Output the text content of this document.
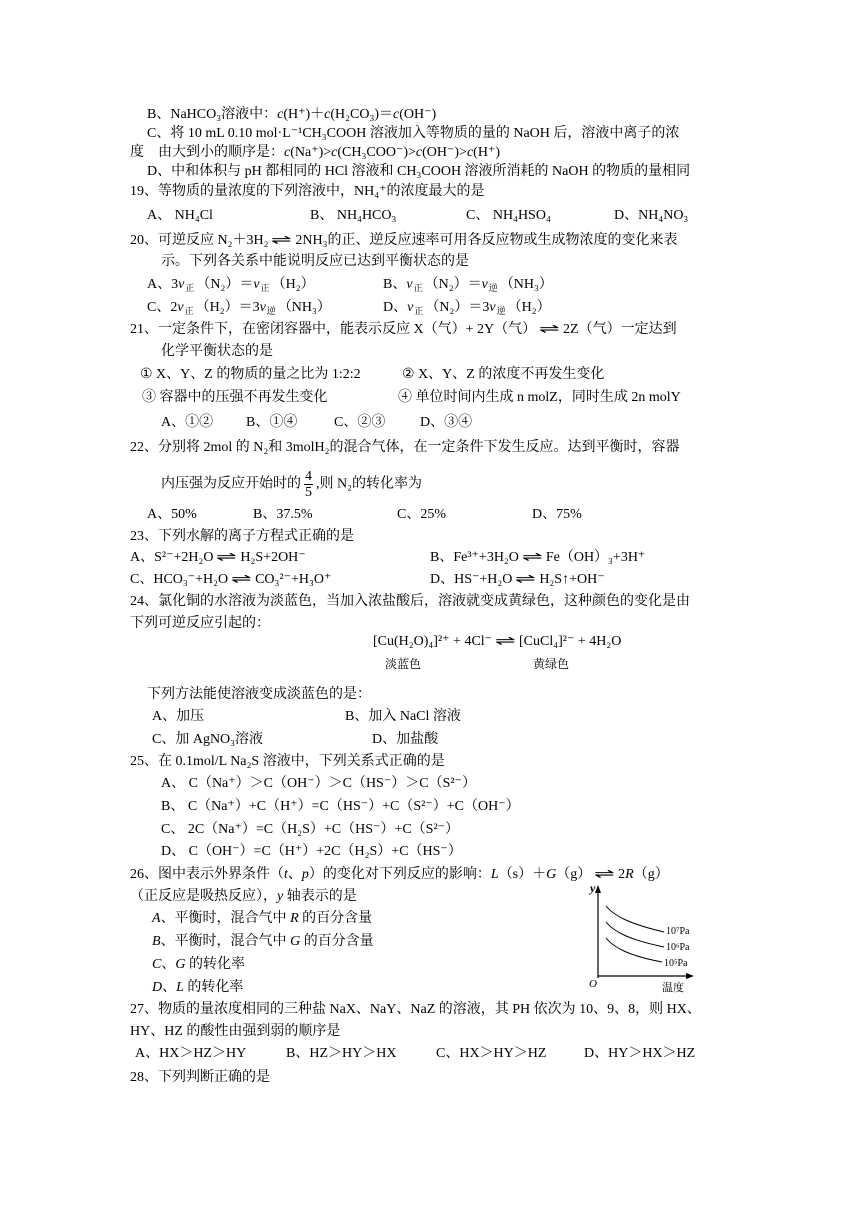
B、NaHCO₃溶液中：c(H⁺)＋c(H₂CO₃)＝c(OH⁻)
C、将 10 mL 0.10 mol·L⁻¹CH₃COOH 溶液加入等物质的量的 NaOH 后，溶液中离子的浓
度　由大到小的顺序是：c(Na⁺)>c(CH₃COO⁻)>c(OH⁻)>c(H⁺)
D、中和体积与 pH 都相同的 HCl 溶液和 CH₃COOH 溶液所消耗的 NaOH 的物质的量相同
19、等物质的量浓度的下列溶液中，NH₄⁺的浓度最大的是
A、 NH₄Cl	B、 NH₄HCO₃	C、 NH₄HSO₄	D、NH₄NO₃
20、可逆反应 N₂＋3H₂ ⇌ 2NH₃的正、逆反应速率可用各反应物或生成物浓度的变化来表
示。下列各关系中能说明反应已达到平衡状态的是
A、$3v_正$ $(N_2)=v_正$ （H₂）	B、$v_正$ $(N_2)=v_逆$ （NH₃）
C、$2v_正$ $(H_2)=3v_逆$ （NH₃）	D、$v_正$ $(N_2)=3v_逆$ （H₂）
21、一定条件下，在密闭容器中，能表示反应 X（气）+ 2Y（气） ⇌ 2Z（气）一定达到
化学平衡状态的是
① X、Y、Z 的物质的量之比为 1:2:2	② X、Y、Z 的浓度不再发生变化
③ 容器中的压强不再发生变化	④ 单位时间内生成 n molZ，同时生成 2n molY
A、①② B、①④	C、②③ D、③④
22、分别将 2mol 的 N₂和 3molH₂的混合气体，在一定条件下发生反应。达到平衡时，容器
内压强为反应开始时的 $\frac{4}{5}$ ,则 N₂的转化率为
A、50%	B、37.5%	C、25%	D、75%
23、下列水解的离子方程式正确的是
A、S²⁻+2H₂O ⇌ H₂S+2OH⁻	B、Fe³⁺+3H₂O ⇌ Fe（OH）₃+3H⁺
C、HCO₃⁻+H₂O ⇌ CO₃²⁻+H₃O⁺	D、HS⁻+H₂O ⇌ H₂S↑+OH⁻
24、氯化铜的水溶液为淡蓝色，当加入浓盐酸后，溶液就变成黄绿色，这种颜色的变化是由
下列可逆反应引起的：
[Cu(H₂O)₄]²⁺ + 4Cl⁻ ⇌ [CuCl₄]²⁻ + 4H₂O
淡蓝色	黄绿色
下列方法能使溶液变成淡蓝色的是：
A、加压	B、加入 NaCl 溶液
C、加 AgNO₃溶液	D、加盐酸
25、在 0.1mol/L Na₂S 溶液中，下列关系式正确的是
A、 C（Na⁺）＞C（OH⁻）＞C（HS⁻）＞C（S²⁻）
B、 C（Na⁺）+C（H⁺）=C（HS⁻）+C（S²⁻）+C（OH⁻）
C、 2C（Na⁺）=C（H₂S）+C（HS⁻）+C（S²⁻）
D、 C（OH⁻）=C（H⁺）+2C（H₂S）+C（HS⁻）
26、图中表示外界条件（t、p）的变化对下列反应的影响：L（s）＋G（g） ⇌ 2R（g）
（正反应是吸热反应），y 轴表示的是
A、平衡时，混合气中 R 的百分含量
B、平衡时，混合气中 G 的百分含量
C、G 的转化率
D、L 的转化率
y
O	温度
10⁷Pa
10⁶Pa
10⁵Pa
27、物质的量浓度相同的三种盐 NaX、NaY、NaZ 的溶液，其 PH 依次为 10、9、8，则 HX、
HY、HZ 的酸性由强到弱的顺序是
A、HX＞HZ＞HY	B、HZ＞HY＞HX	C、HX＞HY＞HZ	D、HY＞HX＞HZ
28、下列判断正确的是
